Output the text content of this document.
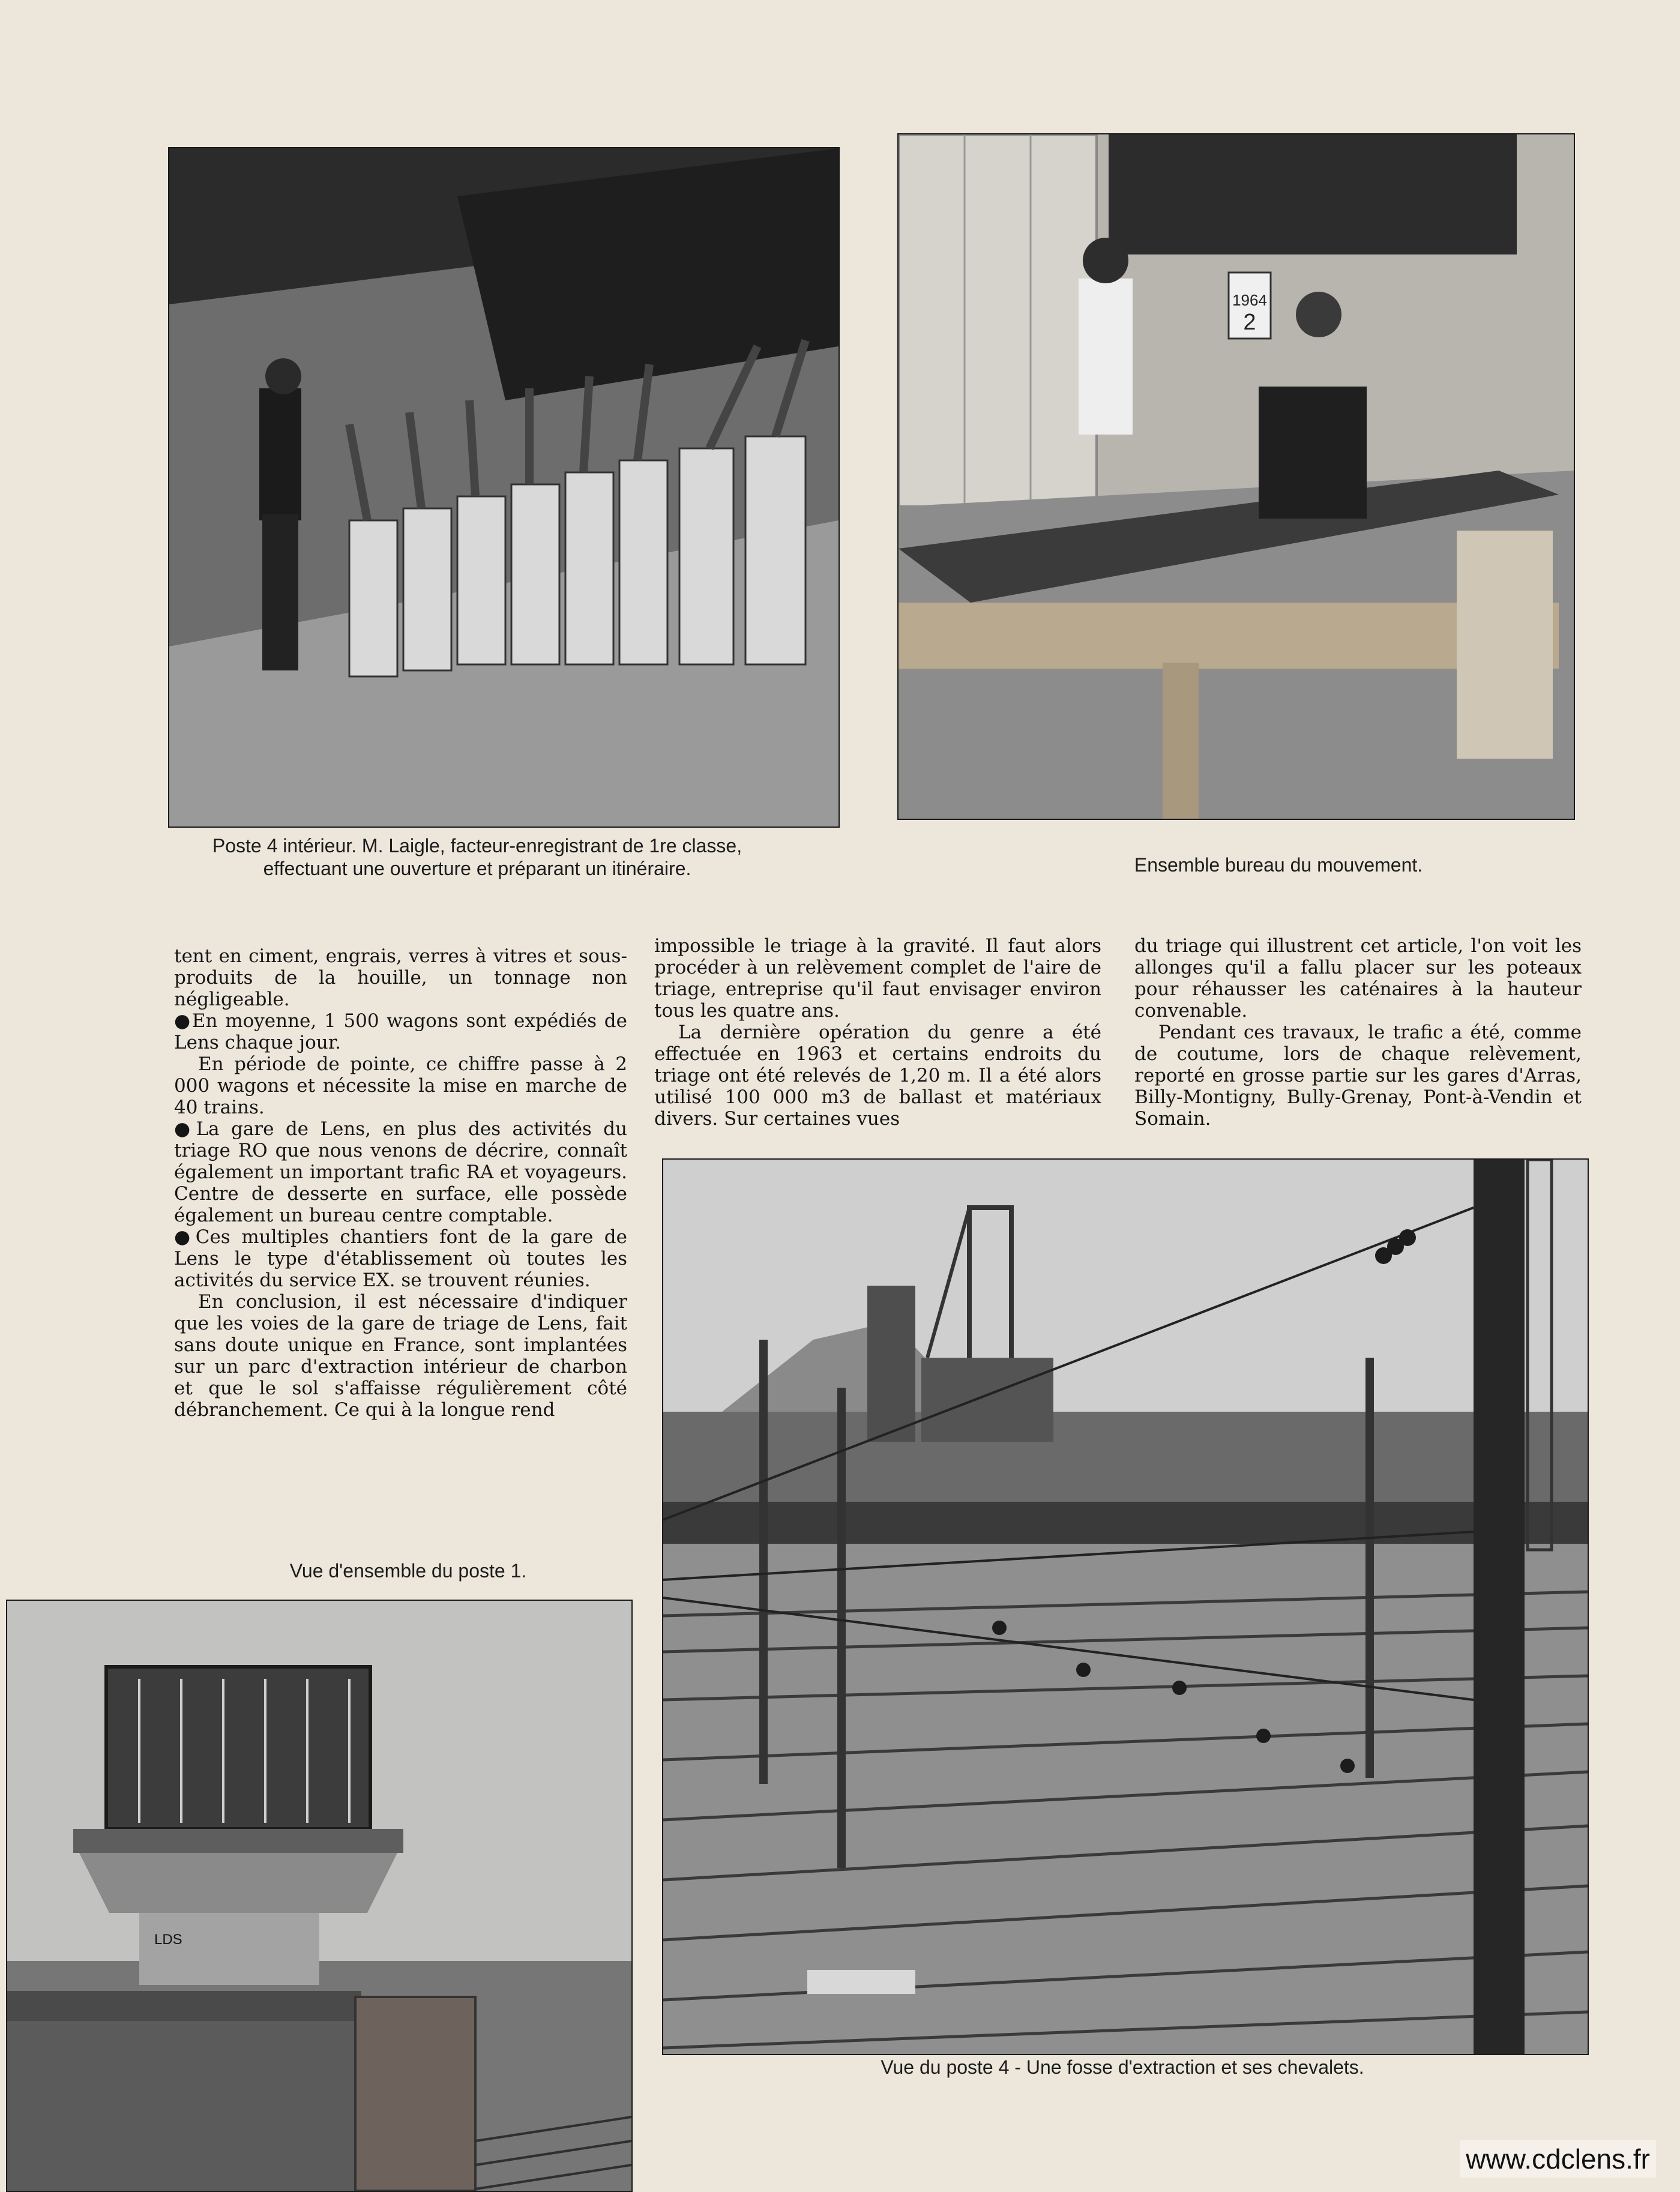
1964
2
LDS
Poste 4 intérieur. M. Laigle, facteur-enregistrant de 1re classe, effectuant une ouverture et préparant un itinéraire.	Ensemble bureau du mouvement.
Vue d'ensemble du poste 1.
Vue du poste 4 - Une fosse d'extraction et ses chevalets.

tent en ciment, engrais, verres à vitres et sous-produits de la houille, un tonnage non négligeable.

● En moyenne, 1 500 wagons sont expédiés de Lens chaque jour.

En période de pointe, ce chiffre passe à 2 000 wagons et nécessite la mise en marche de 40 trains.

● La gare de Lens, en plus des activités du triage RO que nous venons de décrire, connaît également un important trafic RA et voyageurs. Centre de desserte en surface, elle possède également un bureau centre comptable.

● Ces multiples chantiers font de la gare de Lens le type d'établissement où toutes les activités du service EX. se trouvent réunies.

En conclusion, il est nécessaire d'indiquer que les voies de la gare de triage de Lens, fait sans doute unique en France, sont implantées sur un parc d'extraction intérieur de charbon et que le sol s'affaisse régulièrement côté débranchement. Ce qui à la longue rend

impossible le triage à la gravité. Il faut alors procéder à un relèvement complet de l'aire de triage, entreprise qu'il faut envisager environ tous les quatre ans.

La dernière opération du genre a été effectuée en 1963 et certains endroits du triage ont été relevés de 1,20 m. Il a été alors utilisé 100 000 m3 de ballast et matériaux divers. Sur certaines vues

du triage qui illustrent cet article, l'on voit les allonges qu'il a fallu placer sur les poteaux pour réhausser les caténaires à la hauteur convenable.

Pendant ces travaux, le trafic a été, comme de coutume, lors de chaque relèvement, reporté en grosse partie sur les gares d'Arras, Billy-Montigny, Bully-Grenay, Pont-à-Vendin et Somain.

www.cdclens.fr
